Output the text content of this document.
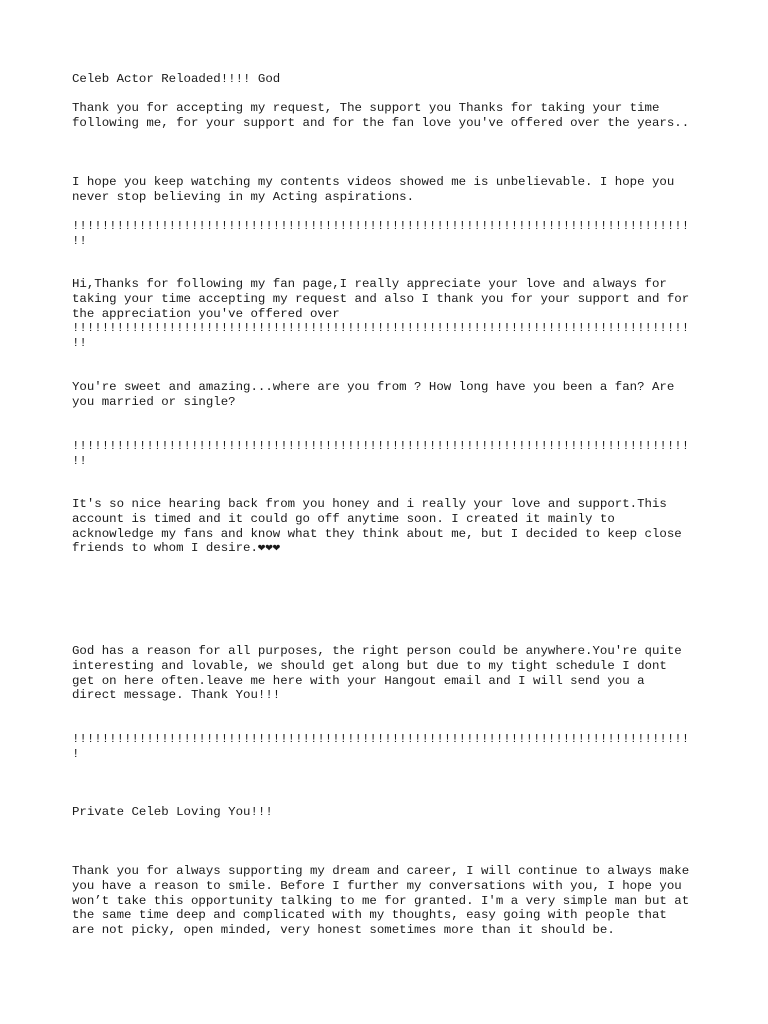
Celeb Actor Reloaded!!!! God
Thank you for accepting my request, The support you Thanks for taking your time
following me, for your support and for the fan love you've offered over the years..
I hope you keep watching my contents videos showed me is unbelievable. I hope you
never stop believing in my Acting aspirations.
!!!!!!!!!!!!!!!!!!!!!!!!!!!!!!!!!!!!!!!!!!!!!!!!!!!!!!!!!!!!!!!!!!!!!!!!!!!!!!!!!!!
!!
Hi,Thanks for following my fan page,I really appreciate your love and always for
taking your time accepting my request and also I thank you for your support and for
the appreciation you've offered over
!!!!!!!!!!!!!!!!!!!!!!!!!!!!!!!!!!!!!!!!!!!!!!!!!!!!!!!!!!!!!!!!!!!!!!!!!!!!!!!!!!!
!!
You're sweet and amazing...where are you from ? How long have you been a fan? Are
you married or single?
!!!!!!!!!!!!!!!!!!!!!!!!!!!!!!!!!!!!!!!!!!!!!!!!!!!!!!!!!!!!!!!!!!!!!!!!!!!!!!!!!!!
!!
It's so nice hearing back from you honey and i really your love and support.This
account is timed and it could go off anytime soon. I created it mainly to
acknowledge my fans and know what they think about me, but I decided to keep close
friends to whom I desire.❤❤❤
God has a reason for all purposes, the right person could be anywhere.You're quite
interesting and lovable, we should get along but due to my tight schedule I dont
get on here often.leave me here with your Hangout email and I will send you a
direct message. Thank You!!!
!!!!!!!!!!!!!!!!!!!!!!!!!!!!!!!!!!!!!!!!!!!!!!!!!!!!!!!!!!!!!!!!!!!!!!!!!!!!!!!!!!!
!
Private Celeb Loving You!!!
Thank you for always supporting my dream and career, I will continue to always make
you have a reason to smile. Before I further my conversations with you, I hope you
won’t take this opportunity talking to me for granted. I'm a very simple man but at
the same time deep and complicated with my thoughts, easy going with people that
are not picky, open minded, very honest sometimes more than it should be.
